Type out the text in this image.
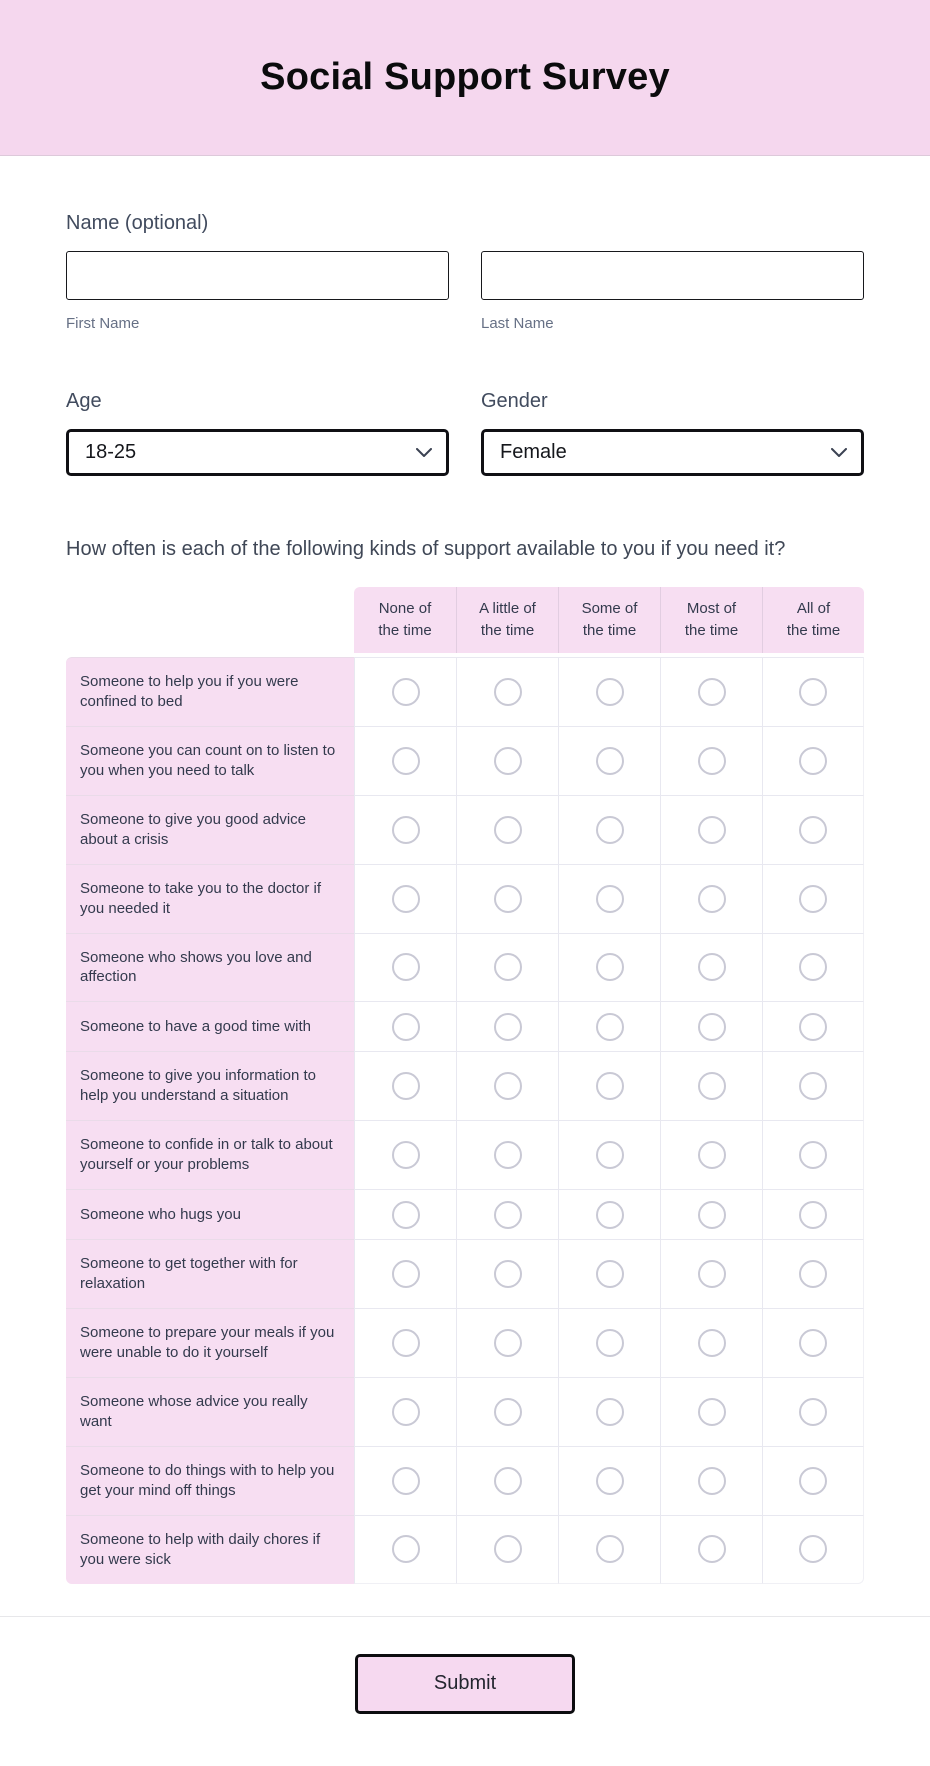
Social Support Survey
Name (optional)
First Name	Last Name
Age
18-25
Gender
Female
How often is each of the following kinds of support available to you if you need it?
None of
the time
A little of
the time
Some of
the time
Most of
the time
All of
the time
Someone to help you if you were confined to bed
Someone you can count on to listen to you when you need to talk
Someone to give you good advice about a crisis
Someone to take you to the doctor if you needed it
Someone who shows you love and affection
Someone to have a good time with
Someone to give you information to help you understand a situation
Someone to confide in or talk to about yourself or your problems
Someone who hugs you
Someone to get together with for relaxation
Someone to prepare your meals if you were unable to do it yourself
Someone whose advice you really want
Someone to do things with to help you get your mind off things
Someone to help with daily chores if you were sick
Submit
